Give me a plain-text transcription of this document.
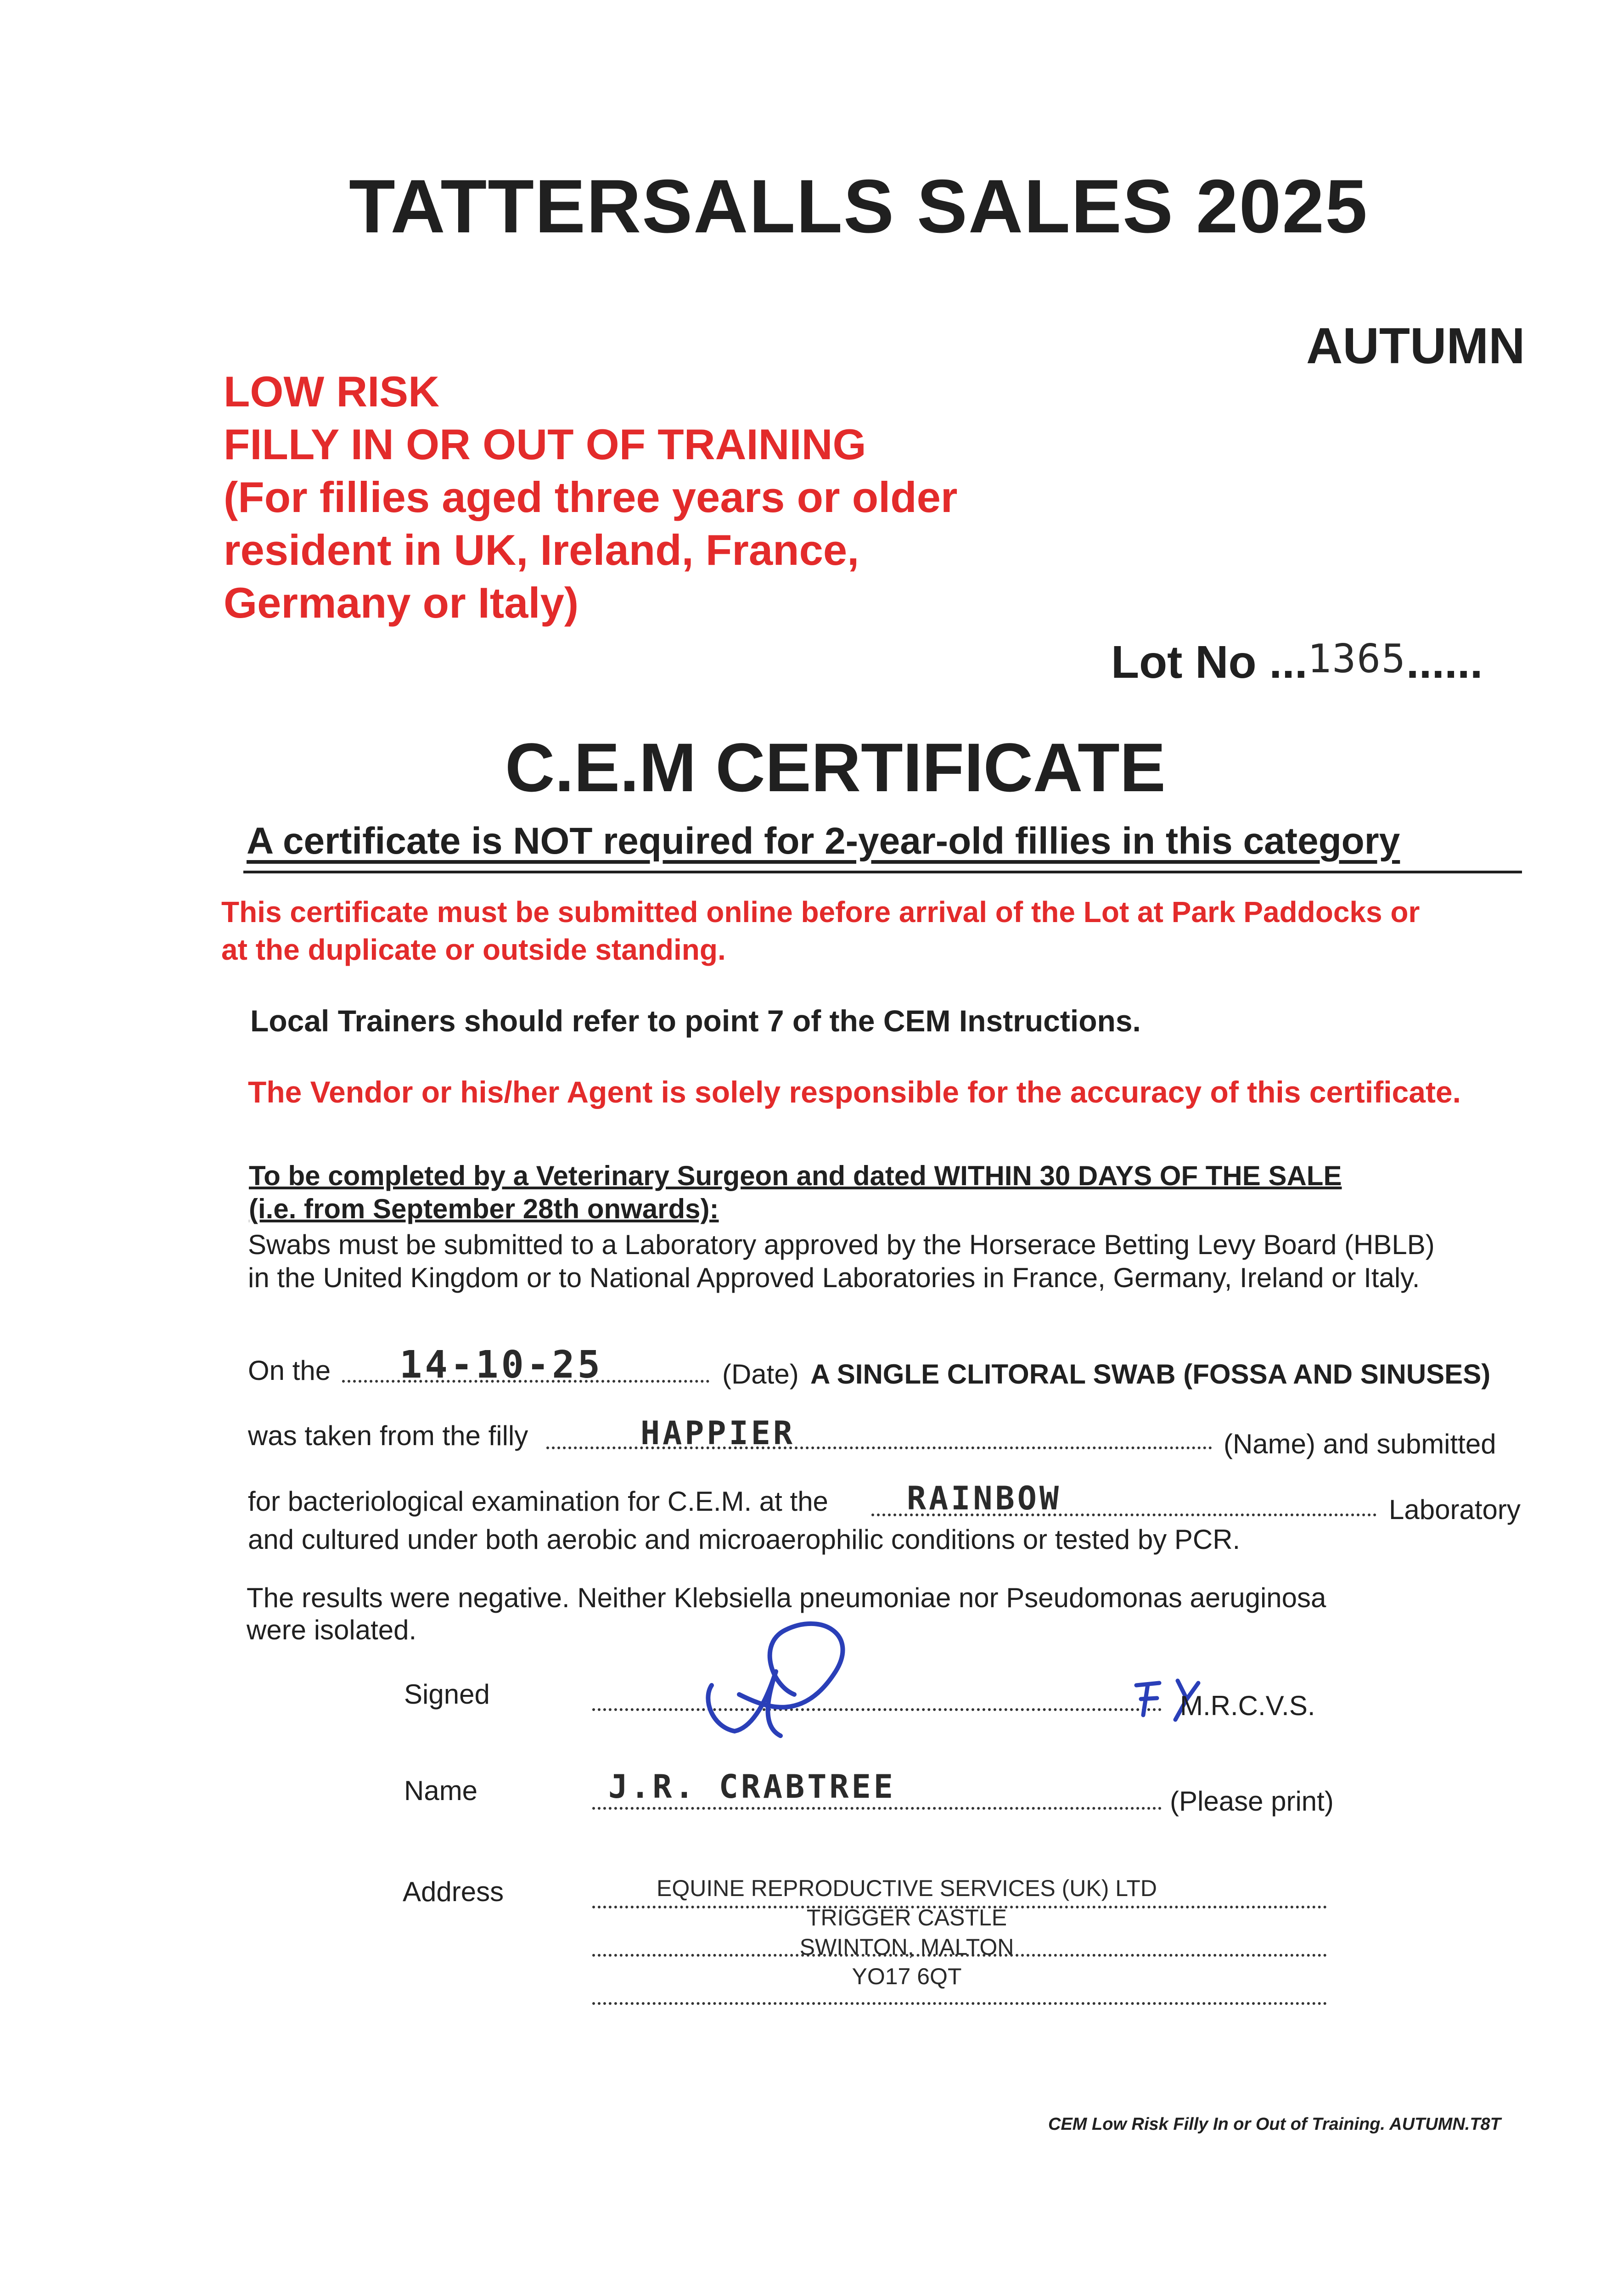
TATTERSALLS SALES 2025
AUTUMN
LOW RISK
FILLY IN OR OUT OF TRAINING
(For fillies aged three years or older
resident in UK, Ireland, France,
Germany or Italy)
Lot No ...1365......
C.E.M CERTIFICATE
A certificate is NOT required for 2-year-old fillies in this category
This certificate must be submitted online before arrival of the Lot at Park Paddocks or
at the duplicate or outside standing.
Local Trainers should refer to point 7 of the CEM Instructions.
The Vendor or his/her Agent is solely responsible for the accuracy of this certificate.
To be completed by a Veterinary Surgeon and dated WITHIN 30 DAYS OF THE SALE
(i.e. from September 28th onwards):
Swabs must be submitted to a Laboratory approved by the Horserace Betting Levy Board (HBLB)
in the United Kingdom or to National Approved Laboratories in France, Germany, Ireland or Italy.
On the 14-10-25	(Date) A SINGLE CLITORAL SWAB (FOSSA AND SINUSES)
was taken from the filly	HAPPIER	(Name) and submitted
for bacteriological examination for C.E.M. at the RAINBOW	Laboratory
and cultured under both aerobic and microaerophilic conditions or tested by PCR.
The results were negative. Neither Klebsiella pneumoniae nor Pseudomonas aeruginosa
were isolated.
Signed	M.R.C.V.S.
Name	J.R. CRABTREE	(Please print)
Address	EQUINE REPRODUCTIVE SERVICES (UK) LTD
TRIGGER CASTLE
SWINTON, MALTON
YO17 6QT
CEM Low Risk Filly In or Out of Training. AUTUMN.T8T
